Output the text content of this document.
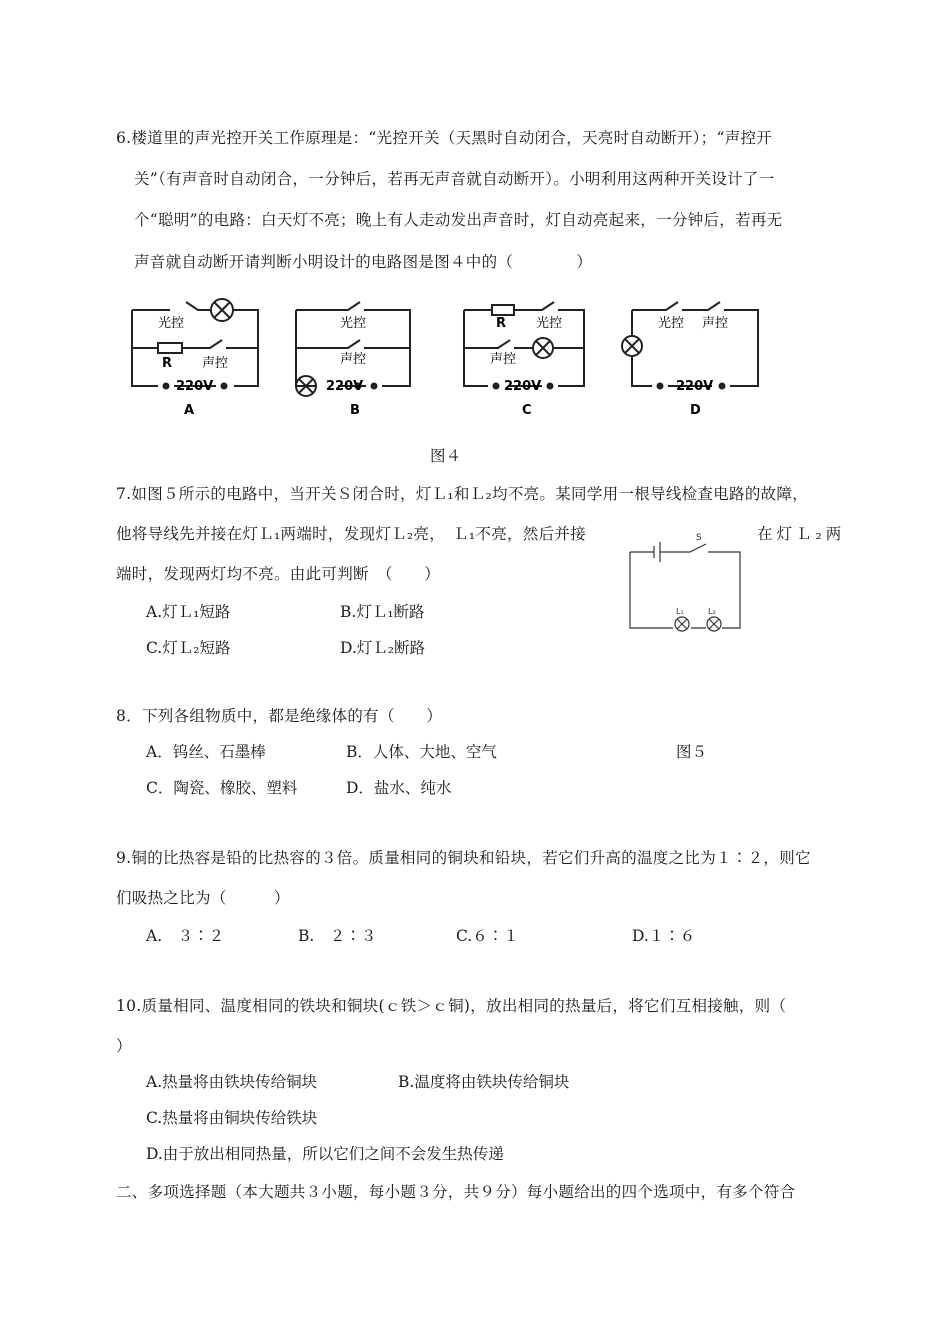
6.楼道里的声光控开关工作原理是：“光控开关（天黑时自动闭合，天亮时自动断开）；“声控开
关”（有声音时自动闭合，一分钟后，若再无声音就自动断开）。小明利用这两种开关设计了一
个“聪明”的电路：白天灯不亮；晚上有人走动发出声音时，灯自动亮起来，一分钟后，若再无
声音就自动断开请判断小明设计的电路图是图４中的（　　　　）
光控
R 声控
220V
A
光控
声控
220V
B
R 光控
声控
220V
C
光控 声控
220V
D
图４
7.如图５所示的电路中，当开关Ｓ闭合时，灯Ｌ₁和Ｌ₂均不亮。某同学用一根导线检查电路的故障，
他将导线先并接在灯Ｌ₁两端时，发现灯Ｌ₂亮，　Ｌ₁不亮，然后并接	在灯Ｌ₂两
端时，发现两灯均不亮。由此可判断　（　　）
A.灯Ｌ₁短路	B.灯Ｌ₁断路
C.灯Ｌ₂短路	D.灯Ｌ₂断路
S
L₁	L₂
8．下列各组物质中，都是绝缘体的有（　　）
A．钨丝、石墨棒	B．人体、大地、空气	图５
C．陶瓷、橡胶、塑料	D．盐水、纯水
9.铜的比热容是铅的比热容的３倍。质量相同的铜块和铅块，若它们升高的温度之比为１∶２，则它
们吸热之比为（　　　）
A.　３∶２	B.　２∶３	C.６∶１	D.１∶６
10.质量相同、温度相同的铁块和铜块(ｃ铁＞ｃ铜)，放出相同的热量后，将它们互相接触，则（
）
A.热量将由铁块传给铜块	B.温度将由铁块传给铜块
C.热量将由铜块传给铁块
D.由于放出相同热量，所以它们之间不会发生热传递
二、多项选择题（本大题共３小题，每小题３分，共９分）每小题给出的四个选项中，有多个符合
